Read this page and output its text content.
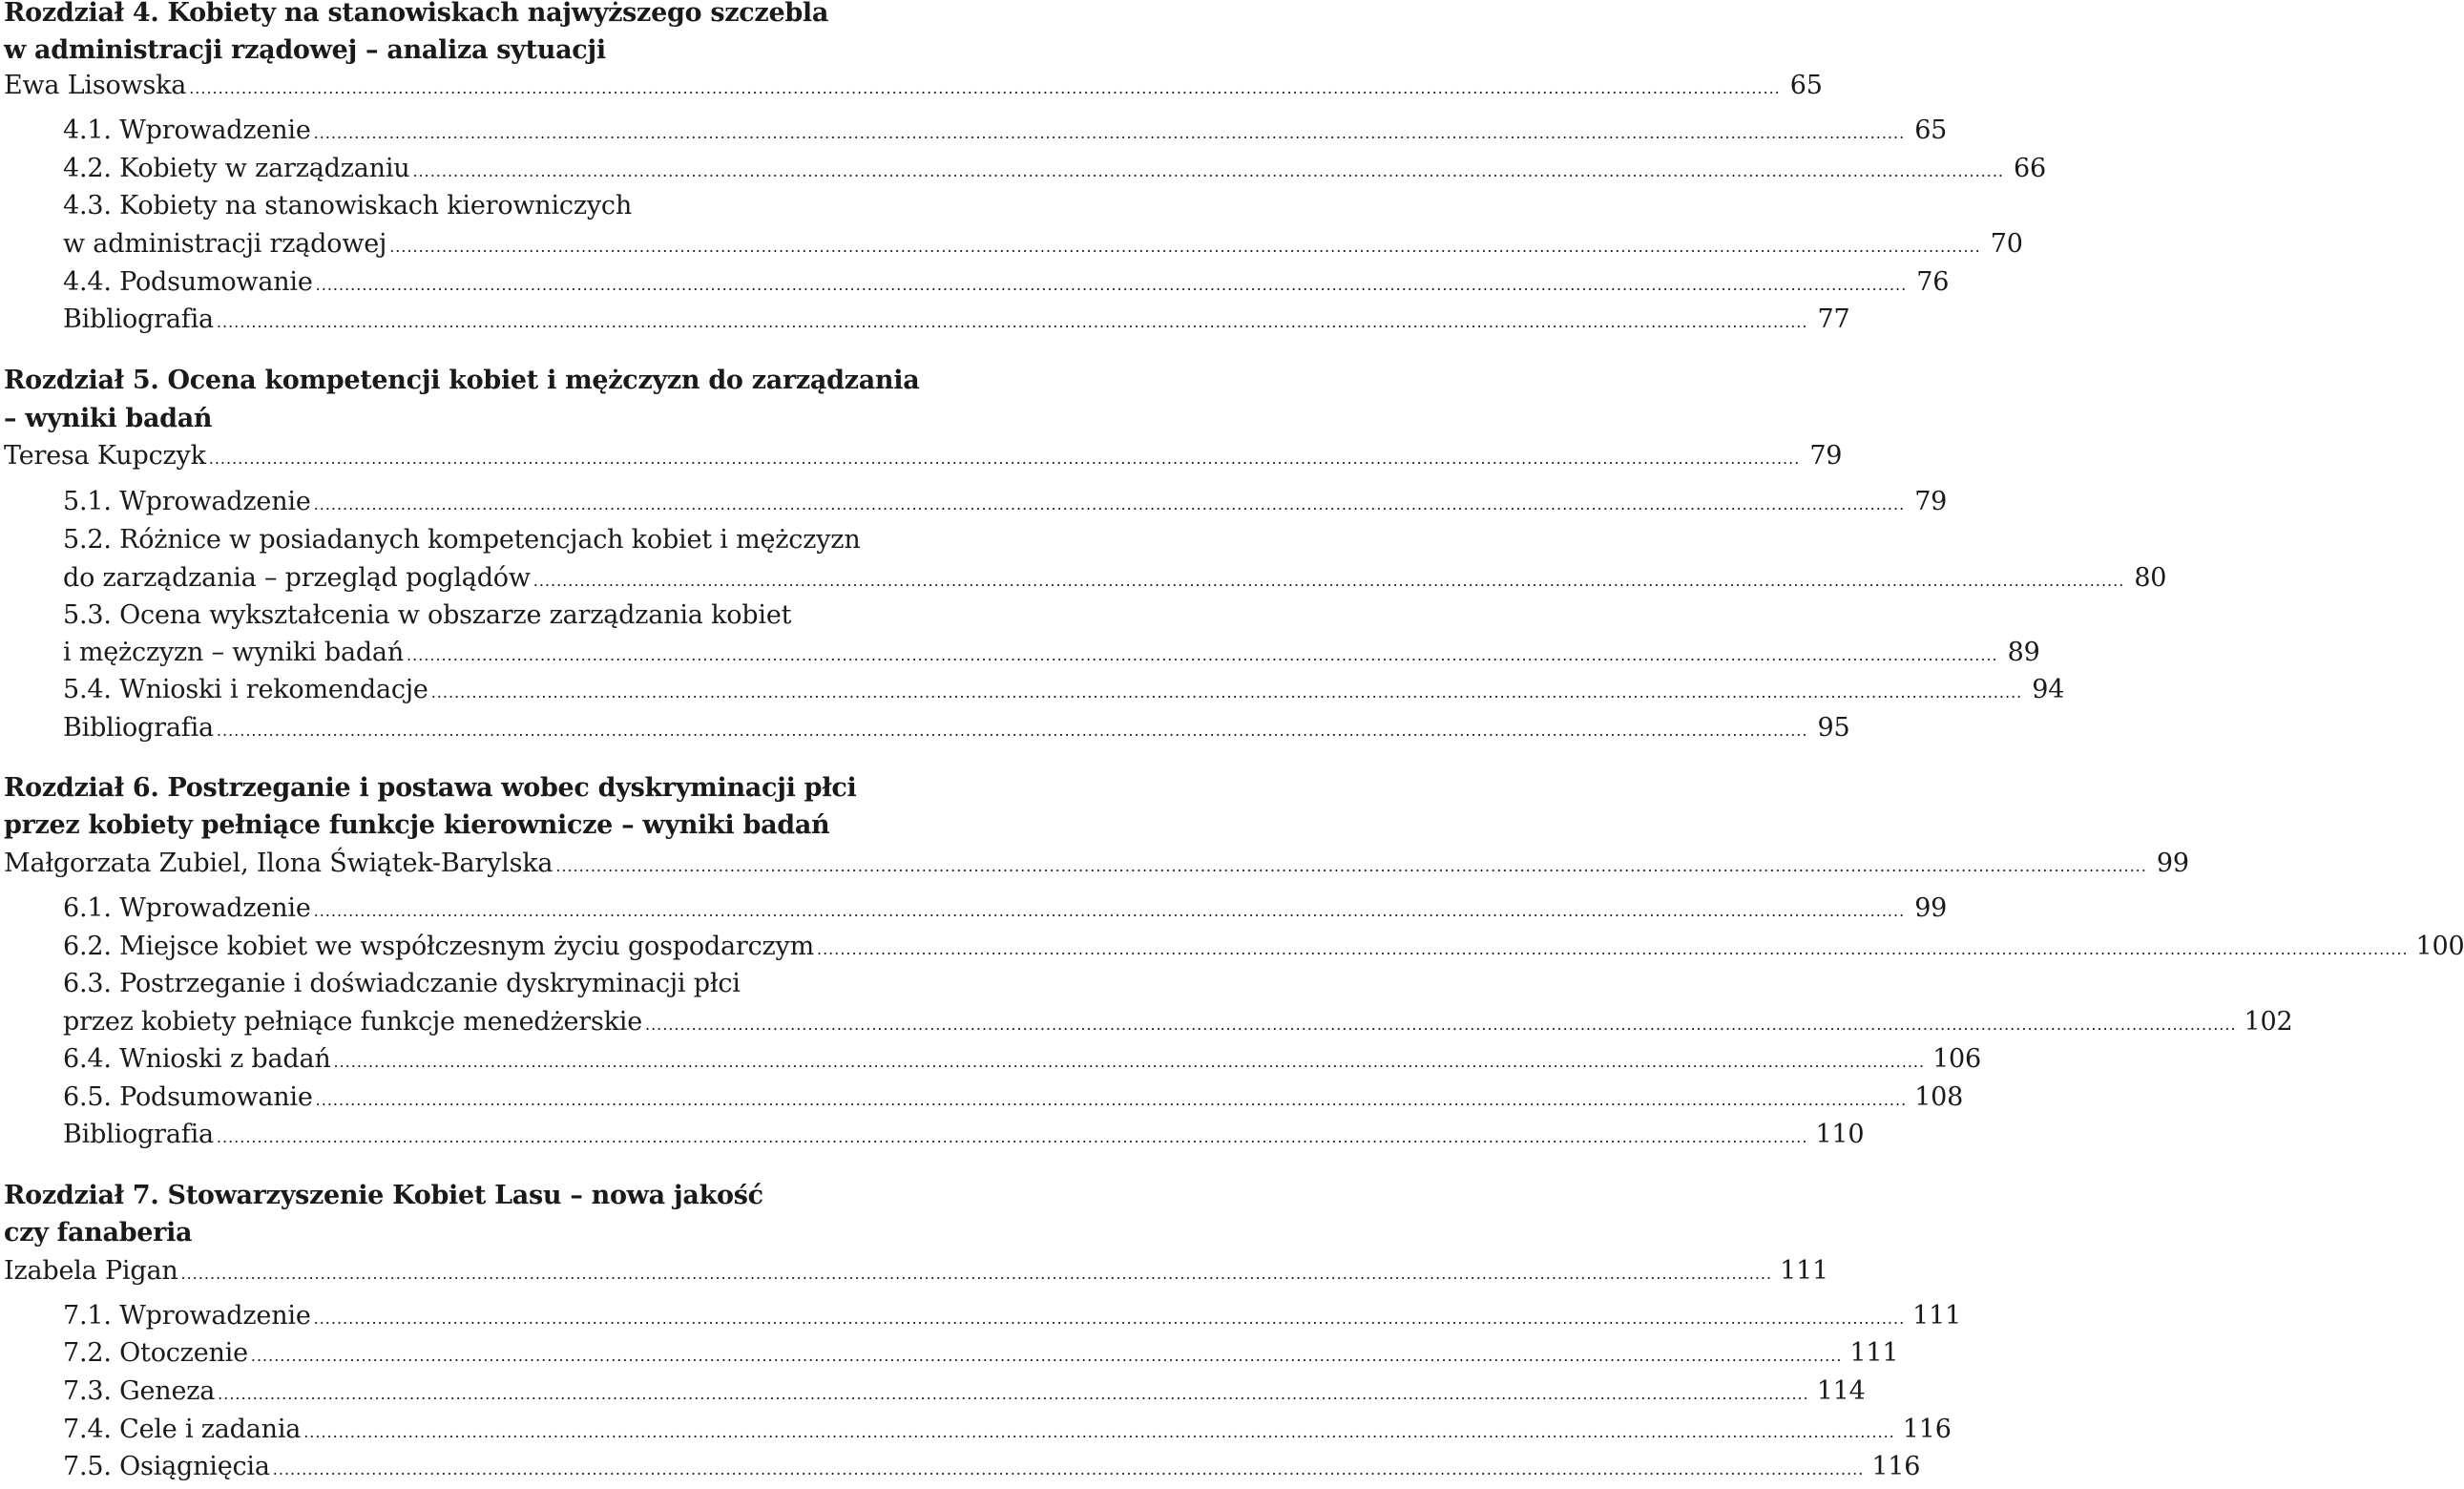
Rozdział 4. Kobiety na stanowiskach najwyższego szczebla
w administracji rządowej – analiza sytuacji
Ewa Lisowska .....	65
4.1. Wprowadzenie .....	65
4.2. Kobiety w zarządzaniu .....	66
4.3. Kobiety na stanowiskach kierowniczych
w administracji rządowej .....	70
4.4. Podsumowanie .....	76
Bibliografia .....	77
Rozdział 5. Ocena kompetencji kobiet i mężczyzn do zarządzania
– wyniki badań
Teresa Kupczyk .....	79
5.1. Wprowadzenie .....	79
5.2. Różnice w posiadanych kompetencjach kobiet i mężczyzn
do zarządzania – przegląd poglądów .....	80
5.3. Ocena wykształcenia w obszarze zarządzania kobiet
i mężczyzn – wyniki badań .....	89
5.4. Wnioski i rekomendacje .....	94
Bibliografia .....	95
Rozdział 6. Postrzeganie i postawa wobec dyskryminacji płci
przez kobiety pełniące funkcje kierownicze – wyniki badań
Małgorzata Zubiel, Ilona Świątek-Barylska .....	99
6.1. Wprowadzenie .....	99
6.2. Miejsce kobiet we współczesnym życiu gospodarczym .....	100
6.3. Postrzeganie i doświadczanie dyskryminacji płci
przez kobiety pełniące funkcje menedżerskie .....	102
6.4. Wnioski z badań .....	106
6.5. Podsumowanie .....	108
Bibliografia .....	110
Rozdział 7. Stowarzyszenie Kobiet Lasu – nowa jakość
czy fanaberia
Izabela Pigan .....	111
7.1. Wprowadzenie .....	111
7.2. Otoczenie .....	111
7.3. Geneza .....	114
7.4. Cele i zadania .....	116
7.5. Osiągnięcia .....	116
